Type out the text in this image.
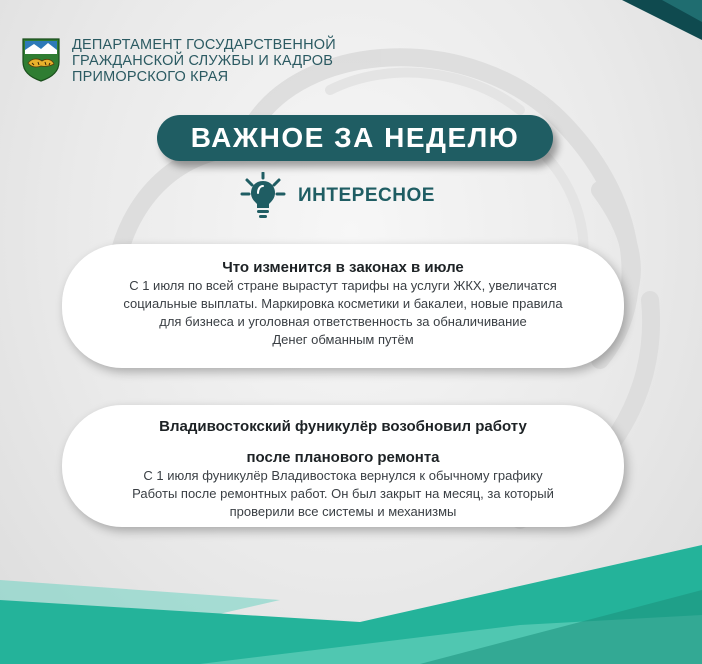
ДЕПАРТАМЕНТ ГОСУДАРСТВЕННОЙ
ГРАЖДАНСКОЙ СЛУЖБЫ И КАДРОВ
ПРИМОРСКОГО КРАЯ
ВАЖНОЕ ЗА НЕДЕЛЮ
ИНТЕРЕСНОЕ
Что изменится в законах в июле
С 1 июля по всей стране вырастут тарифы на услуги ЖКХ, увеличатся
социальные выплаты. Маркировка косметики и бакалеи, новые правила
для бизнеса и уголовная ответственность за обналичивание
Денег обманным путём
Владивостокский фуникулёр возобновил работу
после планового ремонта
С 1 июля фуникулёр Владивостока вернулся к обычному графику
Работы после ремонтных работ. Он был закрыт на месяц, за который
проверили все системы и механизмы
